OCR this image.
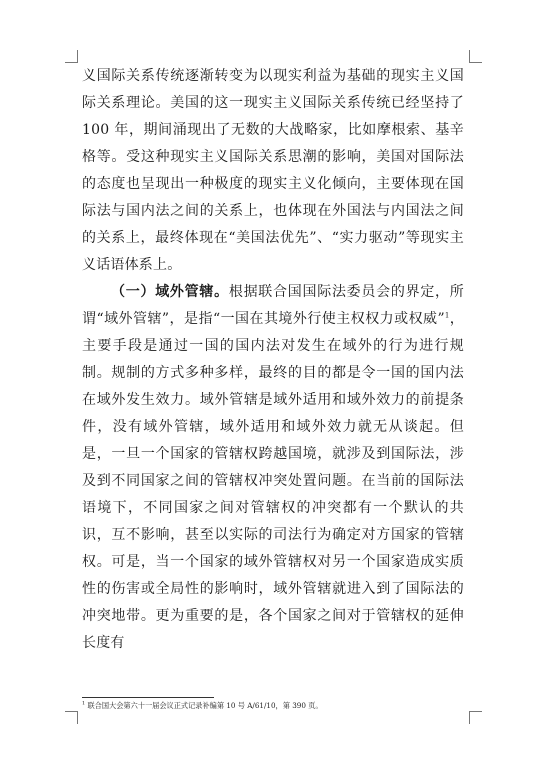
义国际关系传统逐渐转变为以现实利益为基础的现实主义国际关系理论。美国的这一现实主义国际关系传统已经坚持了 100 年，期间涌现出了无数的大战略家，比如摩根索、基辛格等。受这种现实主义国际关系思潮的影响，美国对国际法的态度也呈现出一种极度的现实主义化倾向，主要体现在国际法与国内法之间的关系上，也体现在外国法与内国法之间的关系上，最终体现在“美国法优先”、“实力驱动”等现实主义话语体系上。

（一）域外管辖。根据联合国国际法委员会的界定，所谓“域外管辖”，是指“一国在其境外行使主权权力或权威”$^1$，主要手段是通过一国的国内法对发生在域外的行为进行规制。规制的方式多种多样，最终的目的都是令一国的国内法在域外发生效力。域外管辖是域外适用和域外效力的前提条件，没有域外管辖，域外适用和域外效力就无从谈起。但是，一旦一个国家的管辖权跨越国境，就涉及到国际法，涉及到不同国家之间的管辖权冲突处置问题。在当前的国际法语境下，不同国家之间对管辖权的冲突都有一个默认的共识，互不影响，甚至以实际的司法行为确定对方国家的管辖权。可是，当一个国家的域外管辖权对另一个国家造成实质性的伤害或全局性的影响时，域外管辖就进入到了国际法的冲突地带。更为重要的是，各个国家之间对于管辖权的延伸长度有

$^1$ 联合国大会第六十一届会议正式记录补编第 10 号 A/61/10，第 390 页。
